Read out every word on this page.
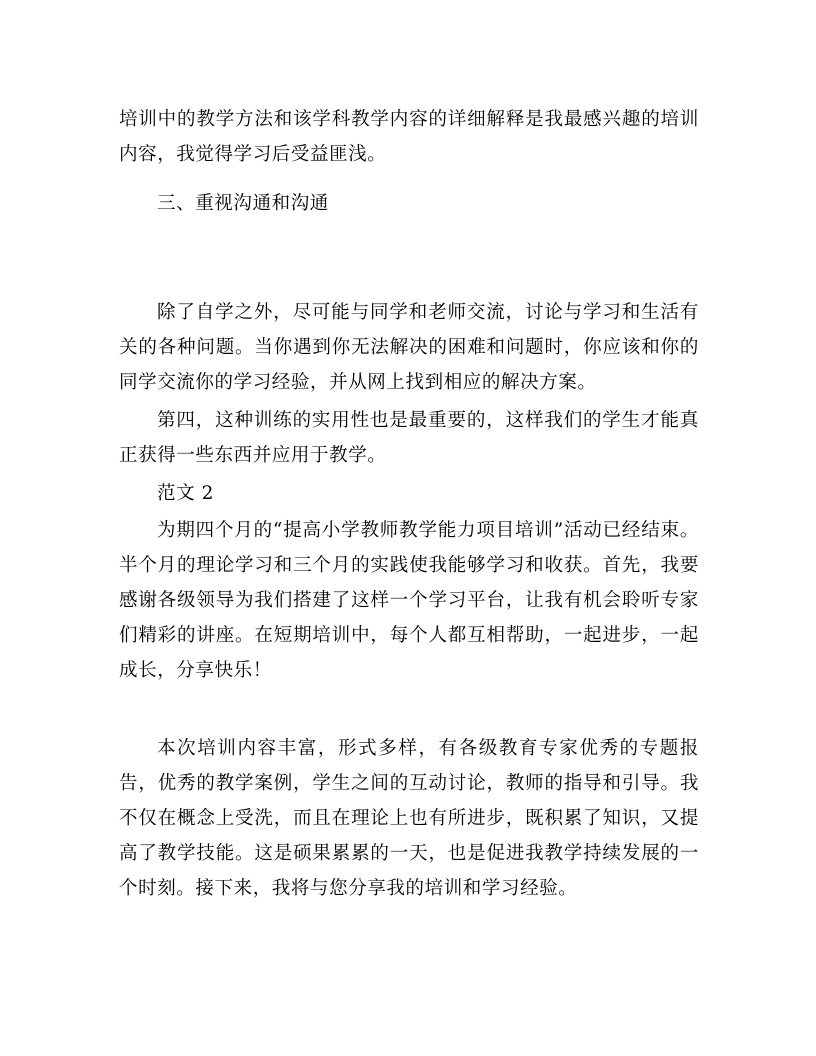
培训中的教学方法和该学科教学内容的详细解释是我最感兴趣的培训内容，我觉得学习后受益匪浅。

三、重视沟通和沟通

除了自学之外，尽可能与同学和老师交流，讨论与学习和生活有关的各种问题。当你遇到你无法解决的困难和问题时，你应该和你的同学交流你的学习经验，并从网上找到相应的解决方案。

第四，这种训练的实用性也是最重要的，这样我们的学生才能真正获得一些东西并应用于教学。

范文 2

为期四个月的“提高小学教师教学能力项目培训”活动已经结束。半个月的理论学习和三个月的实践使我能够学习和收获。首先，我要感谢各级领导为我们搭建了这样一个学习平台，让我有机会聆听专家们精彩的讲座。在短期培训中，每个人都互相帮助，一起进步，一起成长，分享快乐！

本次培训内容丰富，形式多样，有各级教育专家优秀的专题报告，优秀的教学案例，学生之间的互动讨论，教师的指导和引导。我不仅在概念上受洗，而且在理论上也有所进步，既积累了知识，又提高了教学技能。这是硕果累累的一天，也是促进我教学持续发展的一个时刻。接下来，我将与您分享我的培训和学习经验。
